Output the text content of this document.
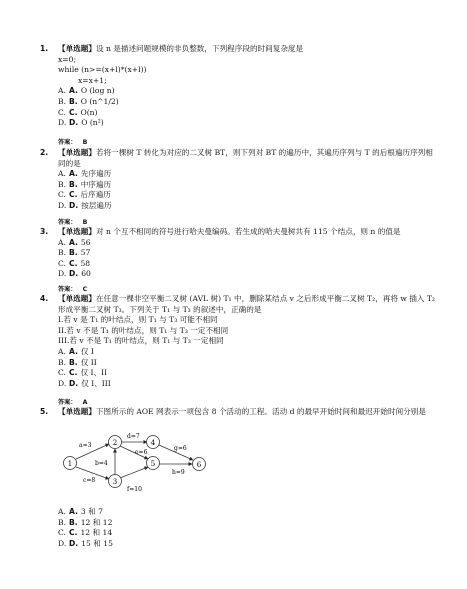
1.	【单选题】设 n 是描述问题规模的非负整数，下列程序段的时间复杂度是
x=0;
while (n>=(x+l)*(x+l))
x=x+1;
A. A. O (log n)
B. B. O (n^1/2)
C. C. O(n)
D. D. O (n²)
答案： B
2.	【单选题】若将一棵树 T 转化为对应的二叉树 BT，则下列对 BT 的遍历中，其遍历序列与 T 的后根遍历序列相同的是
A. A. 先序遍历
B. B. 中序遍历
C. C. 后序遍历
D. D. 按层遍历
答案： B
3.	【单选题】对 n 个互不相同的符号进行哈夫曼编码。若生成的哈夫曼树共有 115 个结点，则 n 的值是
A. A. 56
B. B. 57
C. C. 58
D. D. 60
答案： C
4.	【单选题】在任意一棵非空平衡二叉树 (AVL 树) T₁ 中，删除某结点 v 之后形成平衡二叉树 T₂，再将 w 插入 T₂ 形成平衡二叉树 T₃。下列关于 T₁ 与 T₃ 的叙述中，正确的是
I.若 v 是 T₁ 的叶结点，则 T₁ 与 T₃ 可能不相同
II.若 v 不是 T₁ 的叶结点，则 T₁ 与 T₃ 一定不相同
III.若 v 不是 T₁ 的叶结点，则 T₁ 与 T₃ 一定相同
A. A. 仅 I
B. B. 仅 II
C. C. 仅 I、II
D. D. 仅 I、III
答案： A
5.	【单选题】下图所示的 AOE 网表示一项包含 8 个活动的工程。活动 d 的最早开始时间和最迟开始时间分别是
1
2
3
4
5	6
a=3
d=7
g=6
c=8
b=4
e=6
f=10
h=9
A. A. 3 和 7
B. B. 12 和 12
C. C. 12 和 14
D. D. 15 和 15
